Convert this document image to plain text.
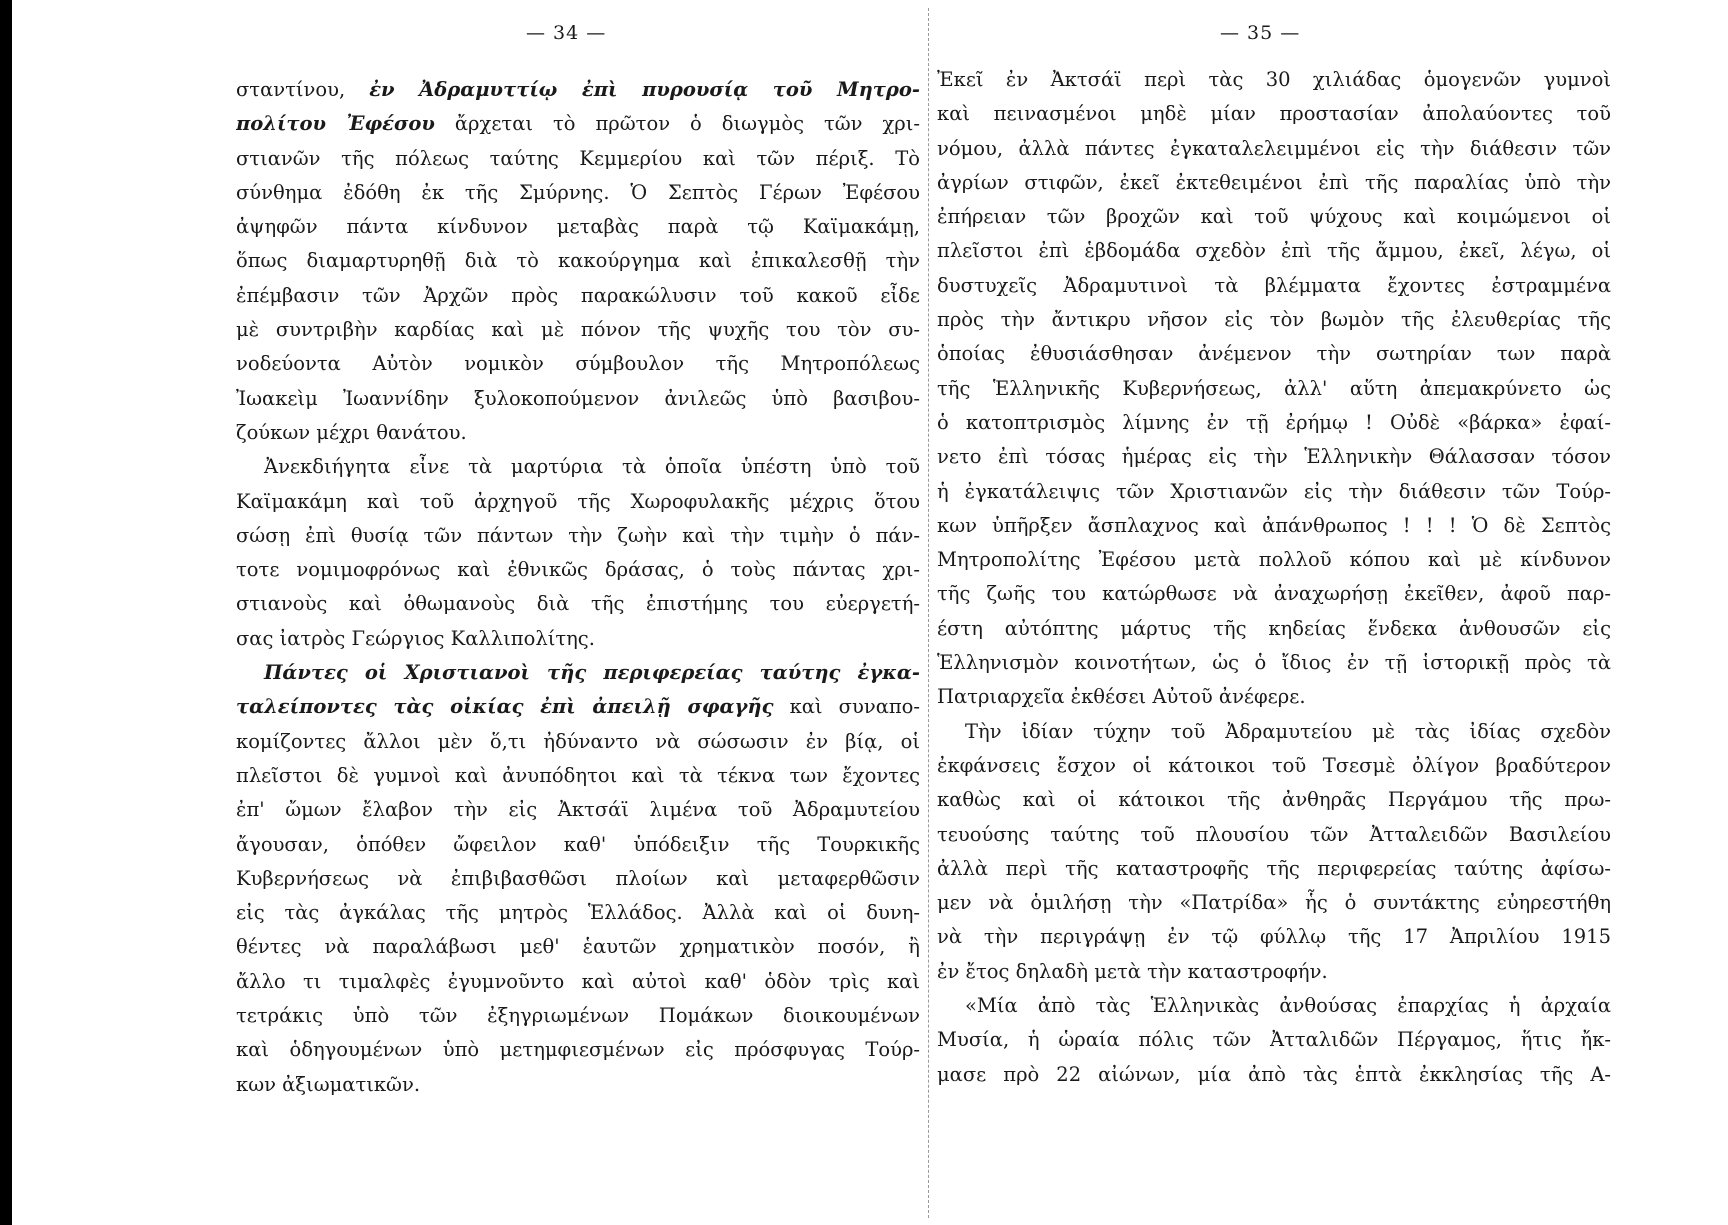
— 34 —
σταντίνου, ἐν Ἀδραμυττίῳ ἐπὶ πυρουσίᾳ τοῦ Μητρο-
πολίτου Ἐφέσου ἄρχεται τὸ πρῶτον ὁ διωγμὸς τῶν χρι-
στιανῶν τῆς πόλεως ταύτης Κεμμερίου καὶ τῶν πέριξ. Τὸ
σύνθημα ἐδόθη ἐκ τῆς Σμύρνης. Ὁ Σεπτὸς Γέρων Ἐφέσου
ἀψηφῶν πάντα κίνδυνον μεταβὰς παρὰ τῷ Καϊμακάμῃ,
ὅπως διαμαρτυρηθῇ διὰ τὸ κακούργημα καὶ ἐπικαλεσθῇ τὴν
ἐπέμβασιν τῶν Ἀρχῶν πρὸς παρακώλυσιν τοῦ κακοῦ εἶδε
μὲ συντριβὴν καρδίας καὶ μὲ πόνον τῆς ψυχῆς του τὸν συ-
νοδεύοντα Αὐτὸν νομικὸν σύμβουλον τῆς Μητροπόλεως
Ἰωακεὶμ Ἰωαννίδην ξυλοκοπούμενον ἀνιλεῶς ὑπὸ βασιβου-
ζούκων μέχρι θανάτου.
Ἀνεκδιήγητα εἶνε τὰ μαρτύρια τὰ ὁποῖα ὑπέστη ὑπὸ τοῦ
Καϊμακάμη καὶ τοῦ ἀρχηγοῦ τῆς Χωροφυλακῆς μέχρις ὅτου
σώσῃ ἐπὶ θυσίᾳ τῶν πάντων τὴν ζωὴν καὶ τὴν τιμὴν ὁ πάν-
τοτε νομιμοφρόνως καὶ ἐθνικῶς δράσας, ὁ τοὺς πάντας χρι-
στιανοὺς καὶ ὀθωμανοὺς διὰ τῆς ἐπιστήμης του εὐεργετή-
σας ἰατρὸς Γεώργιος Καλλιπολίτης.
Πάντες οἱ Χριστιανοὶ τῆς περιφερείας ταύτης ἐγκα-
ταλείποντες τὰς οἰκίας ἐπὶ ἀπειλῇ σφαγῆς καὶ συναπο-
κομίζοντες ἄλλοι μὲν ὅ,τι ἠδύναντο νὰ σώσωσιν ἐν βίᾳ, οἱ
πλεῖστοι δὲ γυμνοὶ καὶ ἀνυπόδητοι καὶ τὰ τέκνα των ἔχοντες
ἐπ' ὤμων ἔλαβον τὴν εἰς Ἀκτσάϊ λιμένα τοῦ Ἀδραμυτείου
ἄγουσαν, ὁπόθεν ὤφειλον καθ' ὑπόδειξιν τῆς Τουρκικῆς
Κυβερνήσεως νὰ ἐπιβιβασθῶσι πλοίων καὶ μεταφερθῶσιν
εἰς τὰς ἀγκάλας τῆς μητρὸς Ἑλλάδος. Ἀλλὰ καὶ οἱ δυνη-
θέντες νὰ παραλάβωσι μεθ' ἑαυτῶν χρηματικὸν ποσόν, ἢ
ἄλλο τι τιμαλφὲς ἐγυμνοῦντο καὶ αὐτοὶ καθ' ὁδὸν τρὶς καὶ
τετράκις ὑπὸ τῶν ἐξηγριωμένων Πομάκων διοικουμένων
καὶ ὁδηγουμένων ὑπὸ μετημφιεσμένων εἰς πρόσφυγας Τούρ-
κων ἀξιωματικῶν.
— 35 —
Ἐκεῖ ἐν Ἀκτσάϊ περὶ τὰς 30 χιλιάδας ὁμογενῶν γυμνοὶ
καὶ πεινασμένοι μηδὲ μίαν προστασίαν ἀπολαύοντες τοῦ
νόμου, ἀλλὰ πάντες ἐγκαταλελειμμένοι εἰς τὴν διάθεσιν τῶν
ἀγρίων στιφῶν, ἐκεῖ ἐκτεθειμένοι ἐπὶ τῆς παραλίας ὑπὸ τὴν
ἐπήρειαν τῶν βροχῶν καὶ τοῦ ψύχους καὶ κοιμώμενοι οἱ
πλεῖστοι ἐπὶ ἑβδομάδα σχεδὸν ἐπὶ τῆς ἄμμου, ἐκεῖ, λέγω, οἱ
δυστυχεῖς Ἀδραμυτινοὶ τὰ βλέμματα ἔχοντες ἐστραμμένα
πρὸς τὴν ἄντικρυ νῆσον εἰς τὸν βωμὸν τῆς ἐλευθερίας τῆς
ὁποίας ἐθυσιάσθησαν ἀνέμενον τὴν σωτηρίαν των παρὰ
τῆς Ἑλληνικῆς Κυβερνήσεως, ἀλλ' αὕτη ἀπεμακρύνετο ὡς
ὁ κατοπτρισμὸς λίμνης ἐν τῇ ἐρήμῳ ! Οὐδὲ «βάρκα» ἐφαί-
νετο ἐπὶ τόσας ἡμέρας εἰς τὴν Ἑλληνικὴν Θάλασσαν τόσον
ἡ ἐγκατάλειψις τῶν Χριστιανῶν εἰς τὴν διάθεσιν τῶν Τούρ-
κων ὑπῆρξεν ἄσπλαχνος καὶ ἀπάνθρωπος ! ! ! Ὁ δὲ Σεπτὸς
Μητροπολίτης Ἐφέσου μετὰ πολλοῦ κόπου καὶ μὲ κίνδυνον
τῆς ζωῆς του κατώρθωσε νὰ ἀναχωρήσῃ ἐκεῖθεν, ἀφοῦ παρ-
έστη αὐτόπτης μάρτυς τῆς κηδείας ἕνδεκα ἀνθουσῶν εἰς
Ἑλληνισμὸν κοινοτήτων, ὡς ὁ ἴδιος ἐν τῇ ἱστορικῇ πρὸς τὰ
Πατριαρχεῖα ἐκθέσει Αὐτοῦ ἀνέφερε.
Τὴν ἰδίαν τύχην τοῦ Ἀδραμυτείου μὲ τὰς ἰδίας σχεδὸν
ἐκφάνσεις ἔσχον οἱ κάτοικοι τοῦ Τσεσμὲ ὀλίγον βραδύτερον
καθὼς καὶ οἱ κάτοικοι τῆς ἀνθηρᾶς Περγάμου τῆς πρω-
τευούσης ταύτης τοῦ πλουσίου τῶν Ἀτταλειδῶν Βασιλείου
ἀλλὰ περὶ τῆς καταστροφῆς τῆς περιφερείας ταύτης ἀφίσω-
μεν νὰ ὁμιλήσῃ τὴν «Πατρίδα» ἧς ὁ συντάκτης εὐηρεστήθη
νὰ τὴν περιγράψῃ ἐν τῷ φύλλῳ τῆς 17 Ἀπριλίου 1915
ἐν ἔτος δηλαδὴ μετὰ τὴν καταστροφήν.
«Μία ἀπὸ τὰς Ἑλληνικὰς ἀνθούσας ἐπαρχίας ἡ ἀρχαία
Μυσία, ἡ ὡραία πόλις τῶν Ἀτταλιδῶν Πέργαμος, ἥτις ἤκ-
μασε πρὸ 22 αἰώνων, μία ἀπὸ τὰς ἑπτὰ ἐκκλησίας τῆς Α-
